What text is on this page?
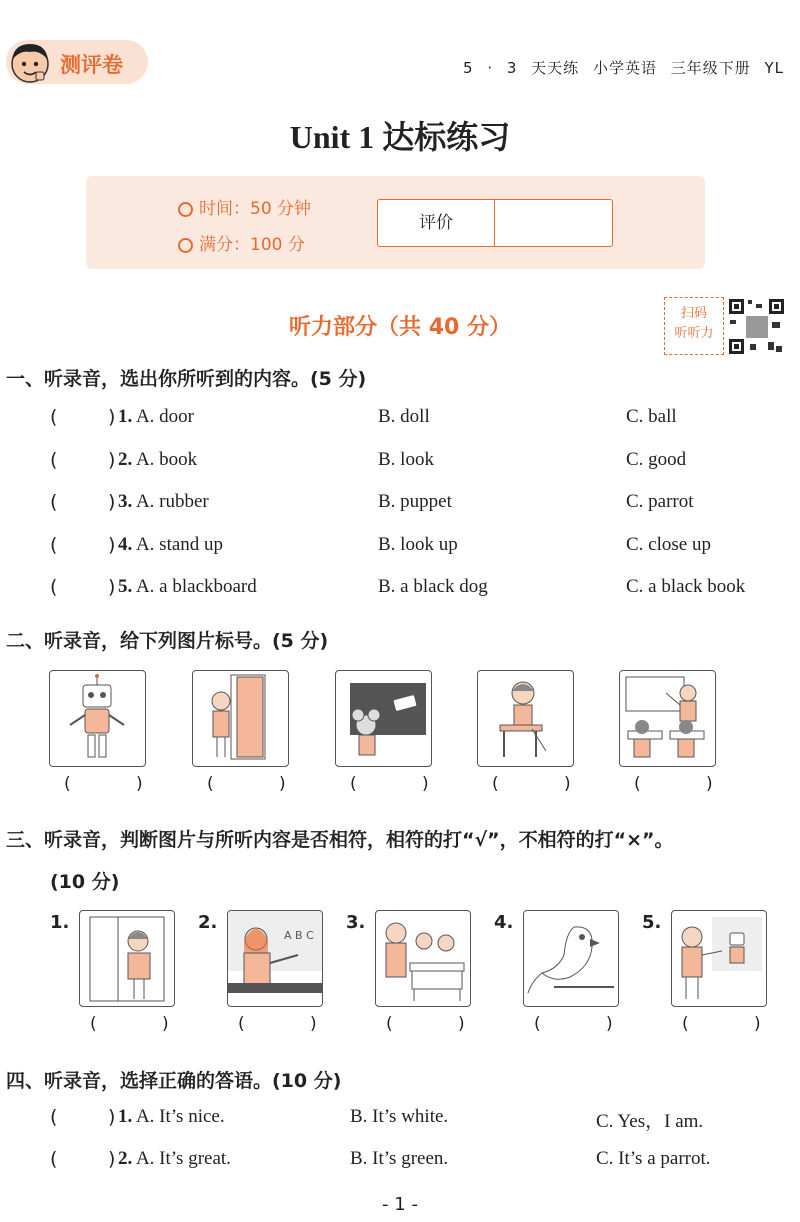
测评卷	5 · 3 天天练 小学英语 三年级下册 YL
Unit 1 达标练习
时间：50 分钟
满分：100 分
评价
听力部分（共 40 分）
扫码
听听力
一、听录音，选出你所听到的内容。(5 分)
(	) 1. A. door	B. doll	C. ball
(	) 2. A. book	B. look	C. good
(	) 3. A. rubber	B. puppet	C. parrot
(	) 4. A. stand up	B. look up	C. close up
(	) 5. A. a blackboard	B. a black dog	C. a black book
二、听录音，给下列图片标号。(5 分)
( ) ( ) ( ) ( ) ( )
三、听录音，判断图片与所听内容是否相符，相符的打“√”，不相符的打“×”。
(10 分)
1.	2.	3.	4.	5.
A B C
( ) ( ) ( ) ( ) ( )
四、听录音，选择正确的答语。(10 分)
(	) 1. A. It’s nice.	B. It’s white.	C. Yes，I am.
(	) 2. A. It’s great.	B. It’s green.	C. It’s a parrot.
- 1 -
